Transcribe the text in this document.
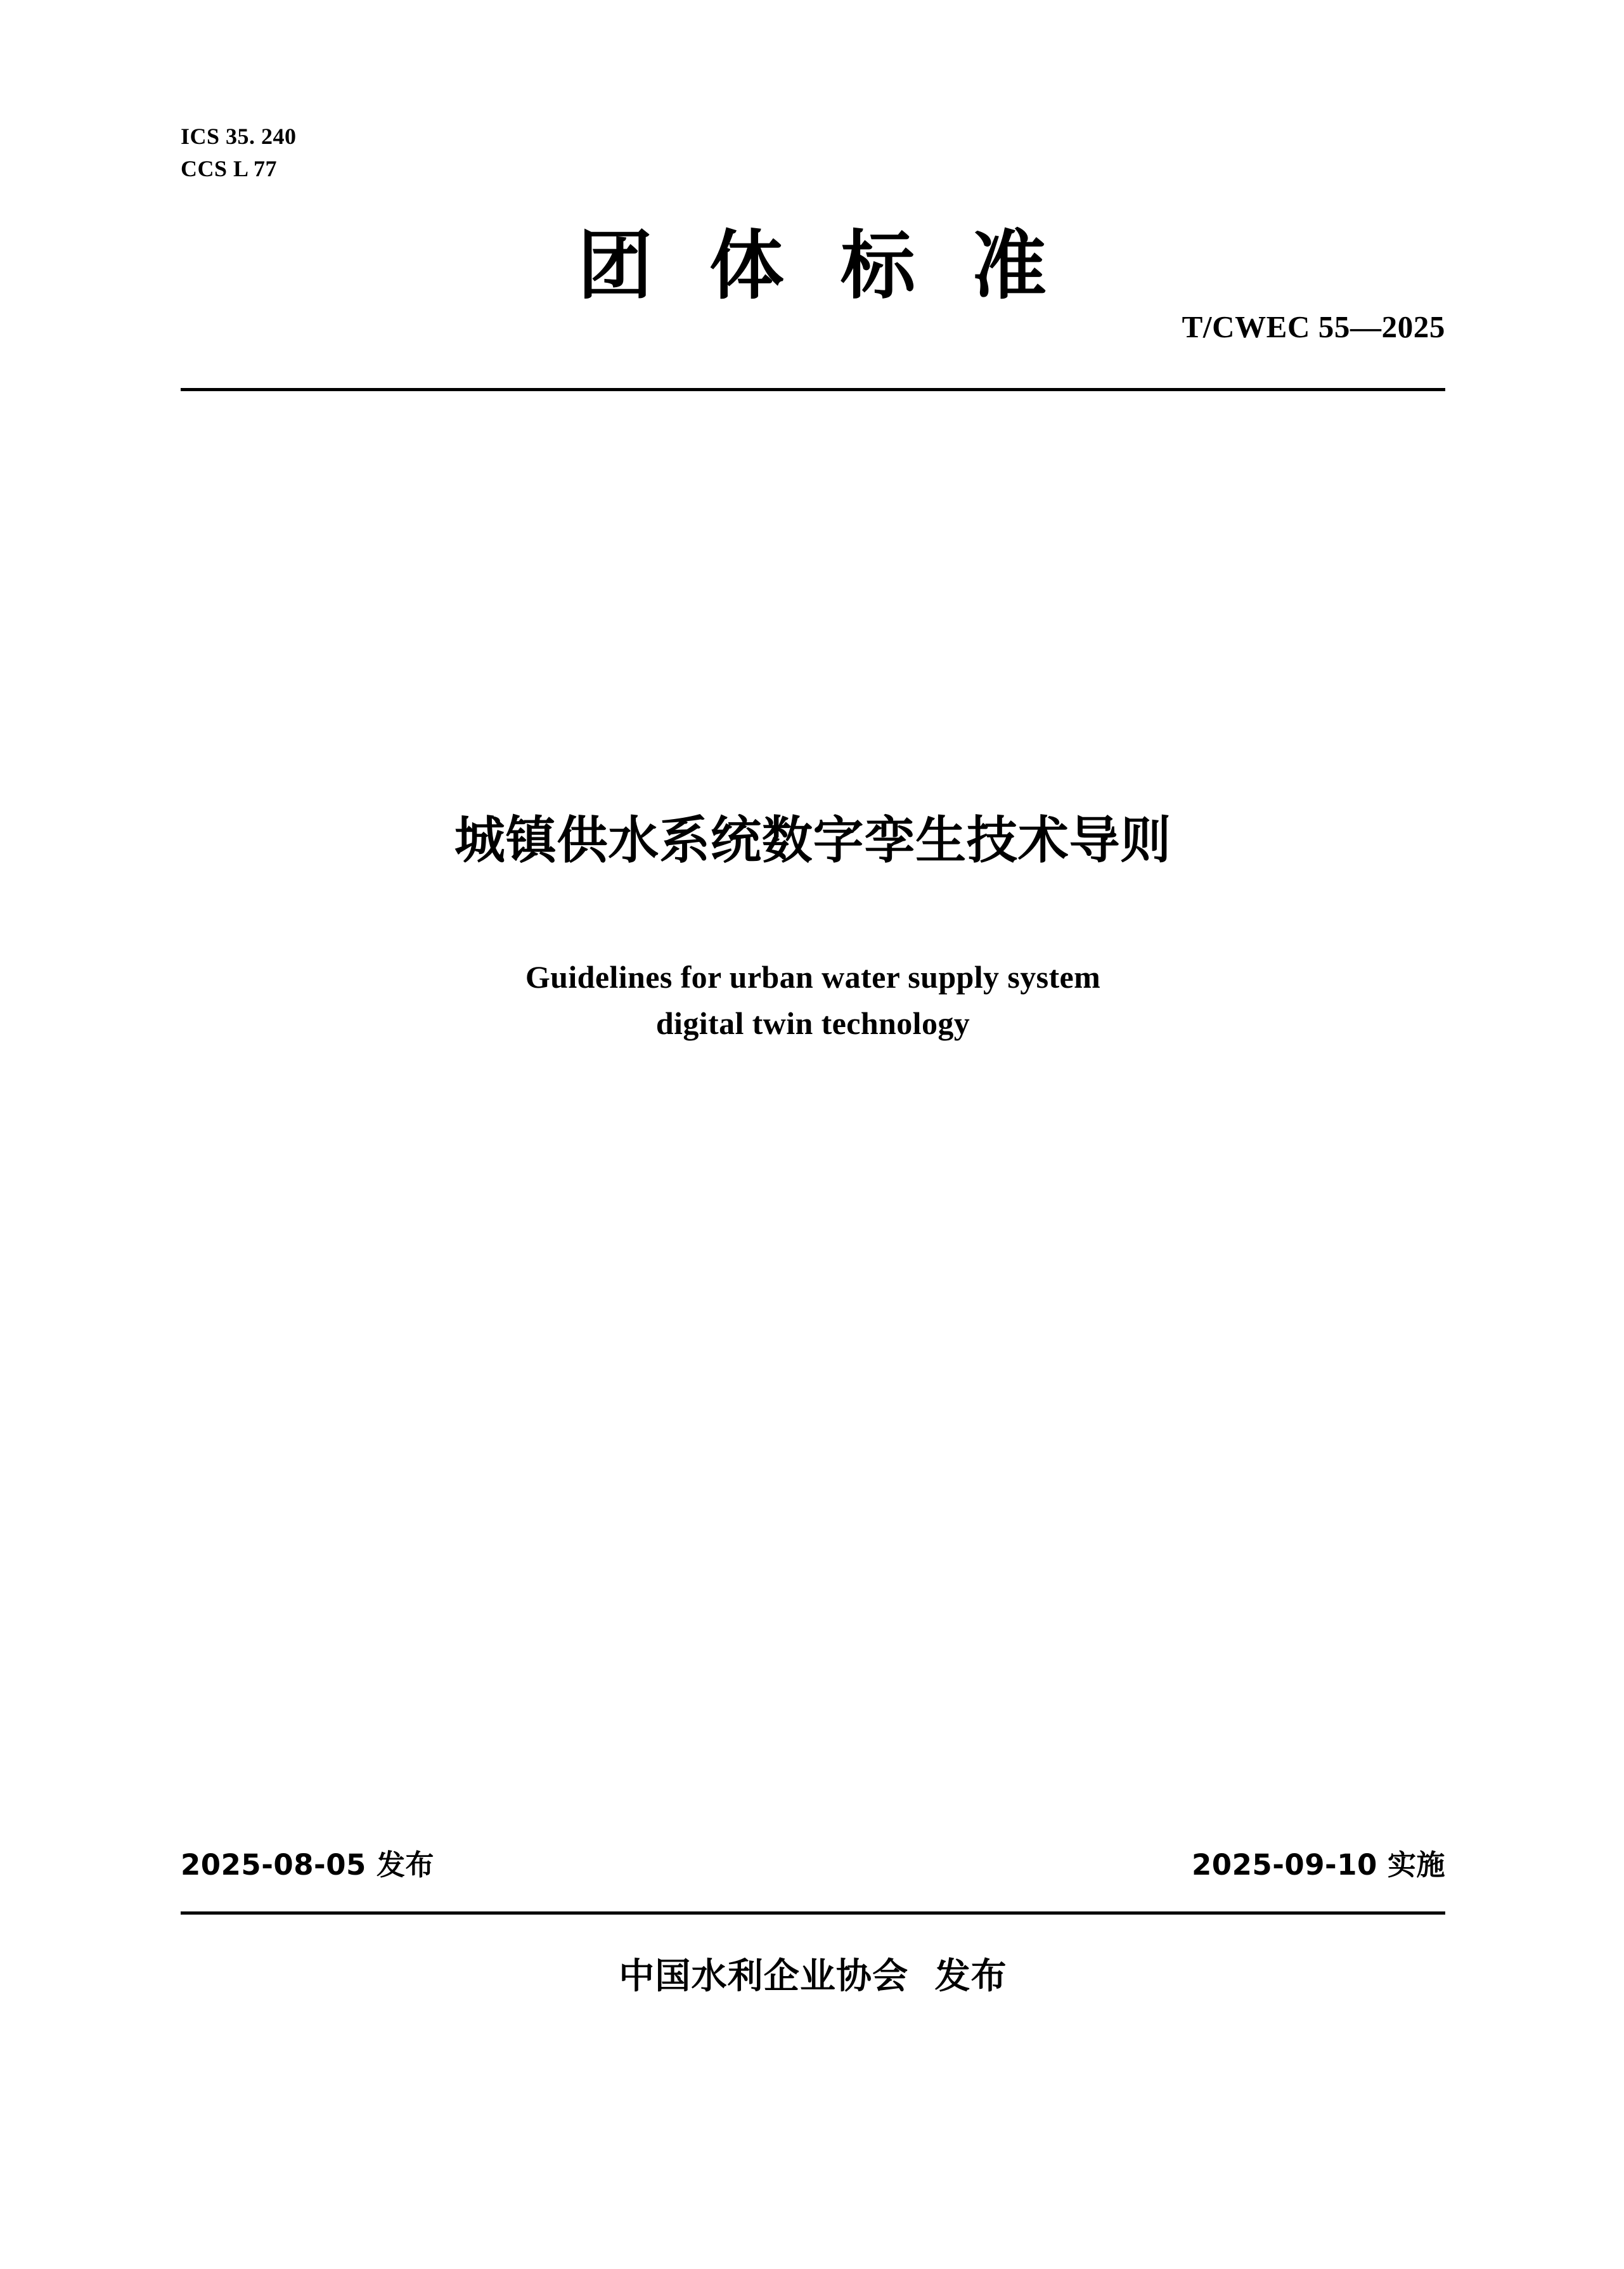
ICS 35. 240
CCS L 77
团  体  标  准
T/CWEC 55—2025
城镇供水系统数字孪生技术导则
Guidelines for urban water supply system
digital twin technology
2025-08-05 发布	2025-09-10 实施
中国水利企业协会  发布
